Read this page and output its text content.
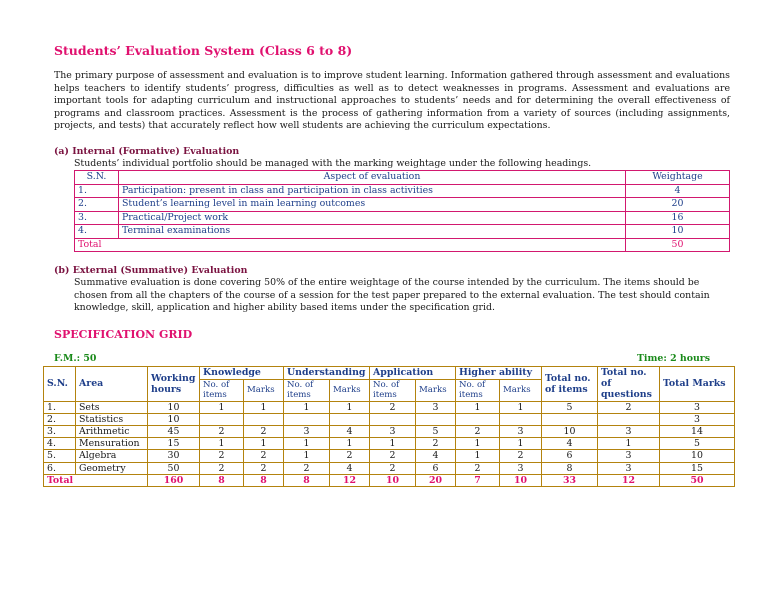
Students’ Evaluation System (Class 6 to 8)
The primary purpose of assessment and evaluation is to improve student learning. Information gathered through assessment and evaluations helps teachers to identify students’ progress, difficulties as well as to detect weaknesses in programs. Assessment and evaluations are important tools for adapting curriculum and instructional approaches to students’ needs and for determining the overall effectiveness of programs and classroom practices. Assessment is the process of gathering information from a variety of sources (including assignments, projects, and tests) that accurately reflect how well students are achieving the curriculum expectations.
(a) Internal (Formative) Evaluation
Students’ individual portfolio should be managed with the marking weightage under the following headings.
S.N.	Aspect of evaluation	Weightage
1.	Participation: present in class and participation in class activities	4
2.	Student’s learning level in main learning outcomes	20
3.	Practical/Project work	16
4.	Terminal examinations	10
Total		50
(b) External (Summative) Evaluation
Summative evaluation is done covering 50% of the entire weightage of the course intended by the curriculum. The items should be chosen from all the chapters of the course of a session for the test paper prepared to the external evaluation. The test should contain knowledge, skill, application and higher ability based items under the specification grid.
SPECIFICATION GRID
F.M.: 50	Time: 2 hours
S.N.	Area	Working hours	Knowledge		Understanding		Application		Higher ability		Total no. of items	Total no. of questions	Total Marks
			No. of items	Marks	No. of items	Marks	No. of items	Marks	No. of items	Marks			
1.	Sets	10	1	1	1	1	2	3	1	1	5	2	3
2.	Statistics	10											3
3.	Arithmetic	45	2	2	3	4	3	5	2	3	10	3	14
4.	Mensuration	15	1	1	1	1	1	2	1	1	4	1	5
5.	Algebra	30	2	2	1	2	2	4	1	2	6	3	10
6.	Geometry	50	2	2	2	4	2	6	2	3	8	3	15
Total		160	8	8	8	12	10	20	7	10	33	12	50
